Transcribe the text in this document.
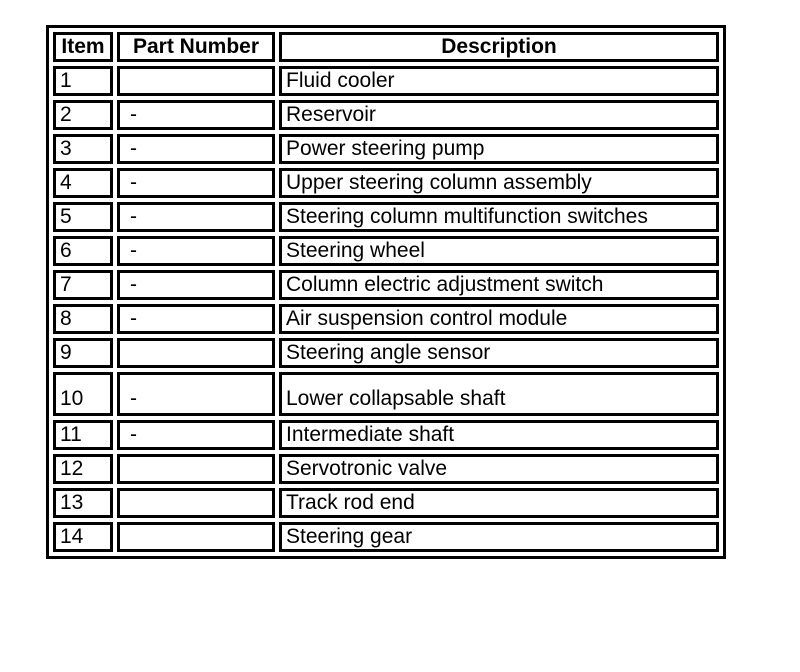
Item	Part Number	Description
1		Fluid cooler
2	-	Reservoir
3	-	Power steering pump
4	-	Upper steering column assembly
5	-	Steering column multifunction switches
6	-	Steering wheel
7	-	Column electric adjustment switch
8	-	Air suspension control module
9		Steering angle sensor
10	-	Lower collapsable shaft
11	-	Intermediate shaft
12		Servotronic valve
13		Track rod end
14		Steering gear
